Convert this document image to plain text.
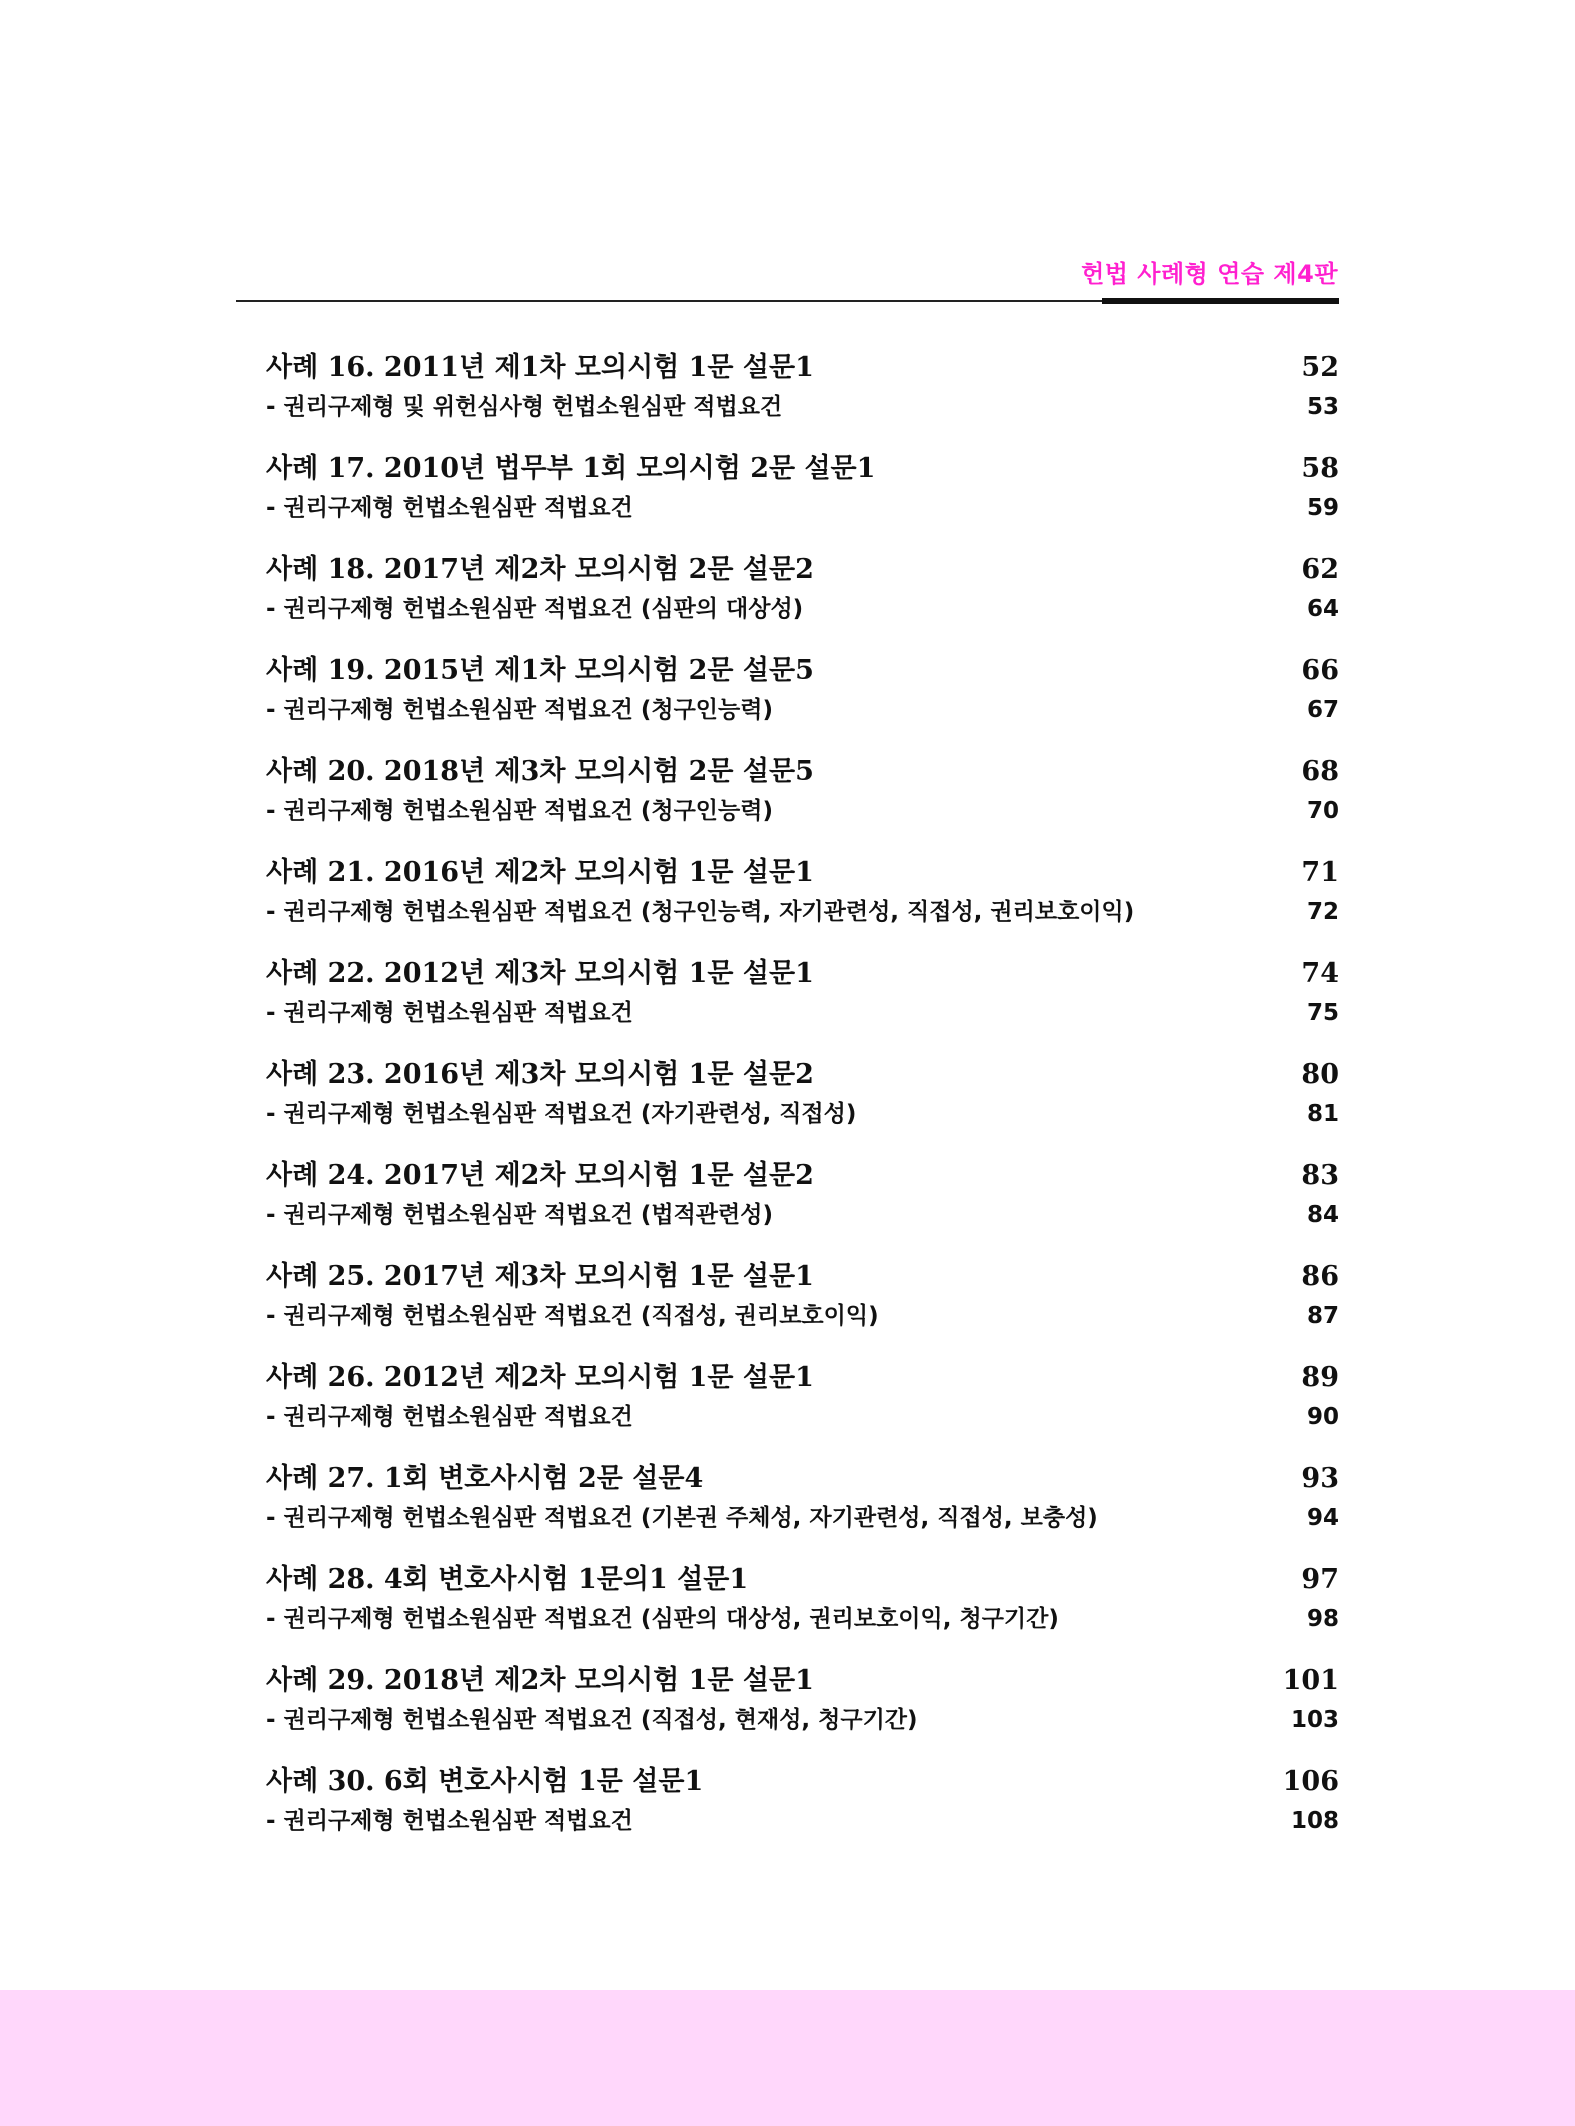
헌법 사례형 연습 제4판
사례 16. 2011년 제1차 모의시험 1문 설문1	52
- 권리구제형 및 위헌심사형 헌법소원심판 적법요건	53
사례 17. 2010년 법무부 1회 모의시험 2문 설문1	58
- 권리구제형 헌법소원심판 적법요건	59
사례 18. 2017년 제2차 모의시험 2문 설문2	62
- 권리구제형 헌법소원심판 적법요건 (심판의 대상성)	64
사례 19. 2015년 제1차 모의시험 2문 설문5	66
- 권리구제형 헌법소원심판 적법요건 (청구인능력)	67
사례 20. 2018년 제3차 모의시험 2문 설문5	68
- 권리구제형 헌법소원심판 적법요건 (청구인능력)	70
사례 21. 2016년 제2차 모의시험 1문 설문1	71
- 권리구제형 헌법소원심판 적법요건 (청구인능력, 자기관련성, 직접성, 권리보호이익)	72
사례 22. 2012년 제3차 모의시험 1문 설문1	74
- 권리구제형 헌법소원심판 적법요건	75
사례 23. 2016년 제3차 모의시험 1문 설문2	80
- 권리구제형 헌법소원심판 적법요건 (자기관련성, 직접성)	81
사례 24. 2017년 제2차 모의시험 1문 설문2	83
- 권리구제형 헌법소원심판 적법요건 (법적관련성)	84
사례 25. 2017년 제3차 모의시험 1문 설문1	86
- 권리구제형 헌법소원심판 적법요건 (직접성, 권리보호이익)	87
사례 26. 2012년 제2차 모의시험 1문 설문1	89
- 권리구제형 헌법소원심판 적법요건	90
사례 27. 1회 변호사시험 2문 설문4	93
- 권리구제형 헌법소원심판 적법요건 (기본권 주체성, 자기관련성, 직접성, 보충성)	94
사례 28. 4회 변호사시험 1문의1 설문1	97
- 권리구제형 헌법소원심판 적법요건 (심판의 대상성, 권리보호이익, 청구기간)	98
사례 29. 2018년 제2차 모의시험 1문 설문1	101
- 권리구제형 헌법소원심판 적법요건 (직접성, 현재성, 청구기간)	103
사례 30. 6회 변호사시험 1문 설문1	106
- 권리구제형 헌법소원심판 적법요건	108
